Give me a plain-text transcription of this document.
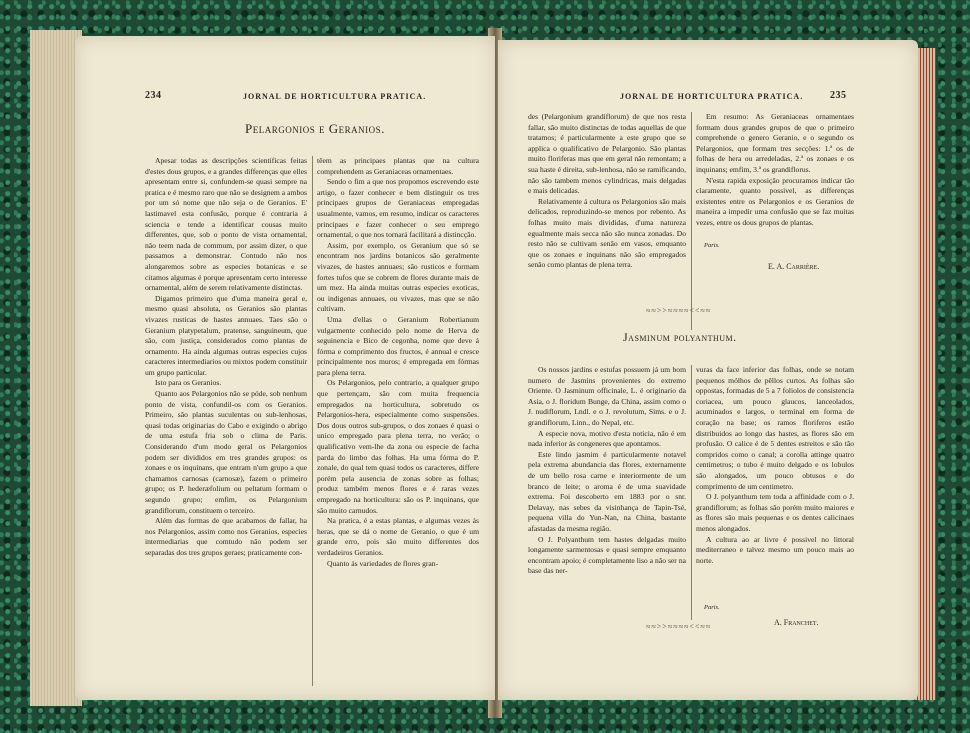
234	JORNAL DE HORTICULTURA PRATICA.
Pelargonios e Geranios.

Apesar todas as descripções scientificas feitas d'estes dous grupos, e a grandes differenças que elles apresentam entre si, confundem-se quasi sempre na pratica e é mesmo raro que não se designem a ambos por um só nome que não seja o de Geranios. E' lastimavel esta confusão, porque é contraria á sciencia e tende a identificar cousas muito differentes, que, sob o ponto de vista ornamental, não teem nada de commum, por assim dizer, o que passamos a demonstrar. Contudo não nos alongaremos sobre as especies botanicas e se citamos algumas é porque apresentam certo interesse ornamental, além de serem relativamente distinctas.

Digamos primeiro que d'uma maneira geral e, mesmo quasi absoluta, os Geranios são plantas vivazes rusticas de hastes annuaes. Taes são o Geranium platypetalum, pratense, sanguineum, que são, com justiça, considerados como plantas de ornamento. Ha ainda algumas outras especies cujos caracteres intermediarios ou mixtos podem constituir um grupo particular.

Isto para os Geranios.

Quanto aos Pelargonios não se póde, sob nenhum ponto de vista, confundil-os com os Geranios. Primeiro, são plantas suculentas ou sub-lenhosas, quasi todas originarias do Cabo e exigindo o abrigo de uma estufa fria sob o clima de Paris. Considerando d'um modo geral os Pelargonios podem ser divididos em tres grandes grupos: os zonaes e os inquinans, que entram n'um grupo a que chamamos carnosas (carnosæ), fazem o primeiro grupo; os P. hederæfolium ou peltatum formam o segundo grupo; emfim, os Pelargonium grandiflorum, constituem o terceiro.

Além das formas de que acabamos de fallar, ha nos Pelargonios, assim como nos Geranios, especies intermediarias que comtudo não podem ser separadas dos tres grupos geraes; praticamente con-

têem as principaes plantas que na cultura comprehendem as Geraniaceas ornamentaes.

Sendo o fim a que nos propomos escrevendo este artigo, o fazer conhecer e bem distinguir os tres principaes grupos de Geraniaceas empregadas usualmente, vamos, em resumo, indicar os caracteres principaes e fazer conhecer o seu emprego ornamental, o que nos tornará facilitará a distincção.

Assim, por exemplo, os Geranium que só se encontram nos jardins botanicos são geralmente vivazes, de hastes annuaes; são rusticos e formam fortes tufos que se cobrem de flores durante mais de um mez. Ha ainda muitas outras especies exoticas, ou indigenas annuaes, ou vivazes, mas que se não cultivam.

Uma d'ellas o Geranium Robertianum vulgarmente conhecido pelo nome de Herva de seguinencia e Bico de cegonha, nome que deve á fórma e comprimento dos fructos, é annual e cresce principalmente nos muros; é empregada em fórmas para plena terra.

Os Pelargonios, pelo contrario, a qualquer grupo que pertençam, são com muita frequencia empregados na horticultura, sobretudo os Pelargonios-hera, especialmente como suspensões. Dos dous outros sub-grupos, o dos zonaes é quasi o unico empregado para plena terra, no verão; o qualificativo vem-lhe da zona ou especie de facha parda do limbo das folhas. Ha uma fórma do P. zonale, do qual tem quasi todos os caracteres, differe porém pela ausencia de zonas sobre as folhas; produz também menos flores e é raras vezes empregado na horticultura: são os P. inquinans, que são muito carnudos.

Na pratica, é a estas plantas, e algumas vezes ás heras, que se dá o nome de Geranio, o que é um grande erro, pois são muito differentes dos verdadeiros Geranios.

Quanto ás variedades de flores gran-

JORNAL DE HORTICULTURA PRATICA.	235

des (Pelargonium grandiflorum) de que nos resta fallar, são muito distinctas de todas aquellas de que tratamos; é particularmente a este grupo que se applica o qualificativo de Pelargonio. São plantas muito floriferas mas que em geral não remontam; a sua haste é direita, sub-lenhosa, não se ramificando, não são tambem menos cylindricas, mais delgadas e mais delicadas.

Relativamente á cultura os Pelargonios são mais delicados, reproduzindo-se menos por rebento. As folhas muito mais divididas, d'uma natureza egualmente mais secca não são nunca zonadas. Do resto não se cultivam senão em vasos, emquanto que os zonaes e inquinans não são empregados senão como plantas de plena terra.

Em resumo: As Geraniaceas ornamentaes formam dous grandes grupos de que o primeiro comprehende o genero Geranio, e o segundo os Pelargonios, que formam tres secções: 1.ª os de folhas de hera ou arredeladas, 2.ª os zonaes e os inquinans; emfim, 3.ª os grandiflorus.

N'esta rapida exposição procuramos indicar tão claramente, quanto possivel, as differenças existentes entre os Pelargonios e os Geranios de maneira a impedir uma confusão que se faz muitas vezes, entre os dous grupos de plantas.

Paris.
E. A. Carrière.
≈≈>>≈≈≈≈<<≈≈
Jasminum polyanthum.

Os nossos jardins e estufas possuem já um bom numero de Jasmins provenientes do extremo Oriente. O Jasminum officinale, L. é originario da Asia, o J. floridum Bunge, da China, assim como o J. nudiflorum, Lndl. e o J. revolutum, Sims. e o J. grandiflorum, Linn., do Nepal, etc.

A especie nova, motivo d'esta noticia, não é em nada inferior ás congeneres que apontamos.

Este lindo jasmim é particularmente notavel pela extrema abundancia das flores, externamente de um bello rosa carne e interiormente de um branco de leite; o aroma é de uma suavidade extrema. Foi descoberto em 1883 por o snr. Delavay, nas sebes da visinhança de Tapin-Tsé, pequena villa do Yun-Nan, na China, bastante afastadas da mesma região.

O J. Polyanthum tem hastes delgadas muito longamente sarmentosas e quasi sempre emquanto encontram apoio; é completamente liso a não ser na base das ner-

vuras da face inferior das folhas, onde se notam pequenos mólhos de pêllos curtos. As folhas são oppostas, formadas de 5 a 7 foliolos de consistencia coriacea, um pouco glaucos, lanceolados, acuminados e largos, o terminal em forma de coração na base; os ramos floriferos estão distribuidos ao longo das hastes, as flores são em profusão. O calice é de 5 dentes estreitos e são tão compridos como o canal; a corolla attinge quatro centimetros; o tubo é muito delgado e os lobulos são alongados, um pouco obtusos e do comprimento de um centimetro.

O J. polyanthum tem toda a affinidade com o J. grandiflorum; as folhas são porém muito maiores e as flores são mais pequenas e os dentes calicinaes menos alongados.

A cultura ao ar livre é possivel no littoral mediterraneo e talvez mesmo um pouco mais ao norte.

Paris.
A. Franchet.
≈≈>>≈≈≈≈<<≈≈
